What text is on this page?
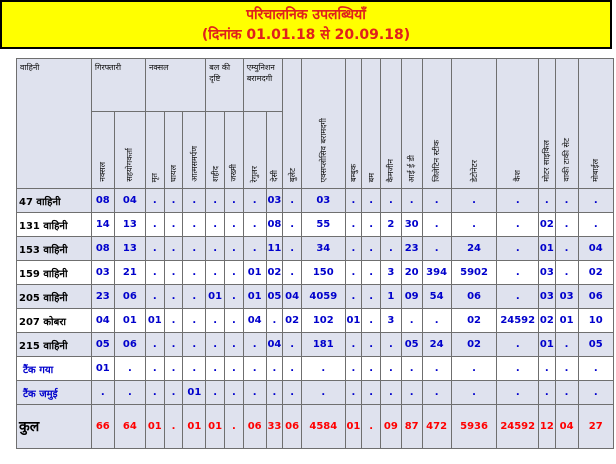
परिचालनिक उपलब्धियाँ
(दिनांक 01.01.18 से 20.09.18)
वाहिनी	गिरफ्तारी		नक्सल			बल की दृष्टि		एम्युनिशन बरामदगी		बुलेट	एक्सप्लोसिव बरामदगी	बम्बुक	बम	कैमजीन	आई ई डी	जिलेटिन स्टीक	डेटोनेटर	कैश	मोटर साइकिल	वाकी टाकी सेट	मोबाईल
	नक्सल	सहयोगकर्ता	मृत	घायल	आत्मसमर्पण	शहीद	जख्मी	रेगुलर	देसी												
47 वाहिनी	08	04	.	.	.	.	.	.	03	.	03	.	.	.	.	.	.	.	.	.	.
131 वाहिनी	14	13	.	.	.	.	.	.	08	.	55	.	.	2	30	.	.	.	02	.	.
153 वाहिनी	08	13	.	.	.	.	.	.	11	.	34	.	.	.	23	.	24	.	01	.	04
159 वाहिनी	03	21	.	.	.	.	.	01	02	.	150	.	.	3	20	394	5902	.	03	.	02
205 वाहिनी	23	06	.	.	.	01	.	01	05	04	4059	.	.	1	09	54	06	.	03	03	06
207 कोबरा	04	01	01	.	.	.	.	04	.	02	102	01	.	3	.	.	02	24592	02	01	10
215 वाहिनी	05	06	.	.	.	.	.	.	04	.	181	.	.	.	05	24	02	.	01	.	05
टैंक गया	01	.	.	.	.	.	.	.	.	.	.	.	.	.	.	.	.	.	.	.	.
टैंक जमुई	.	.	.	.	01	.	.	.	.	.	.	.	.	.	.	.	.	.	.	.	.
कुल	66	64	01	.	01	01	.	06	33	06	4584	01	.	09	87	472	5936	24592	12	04	27
